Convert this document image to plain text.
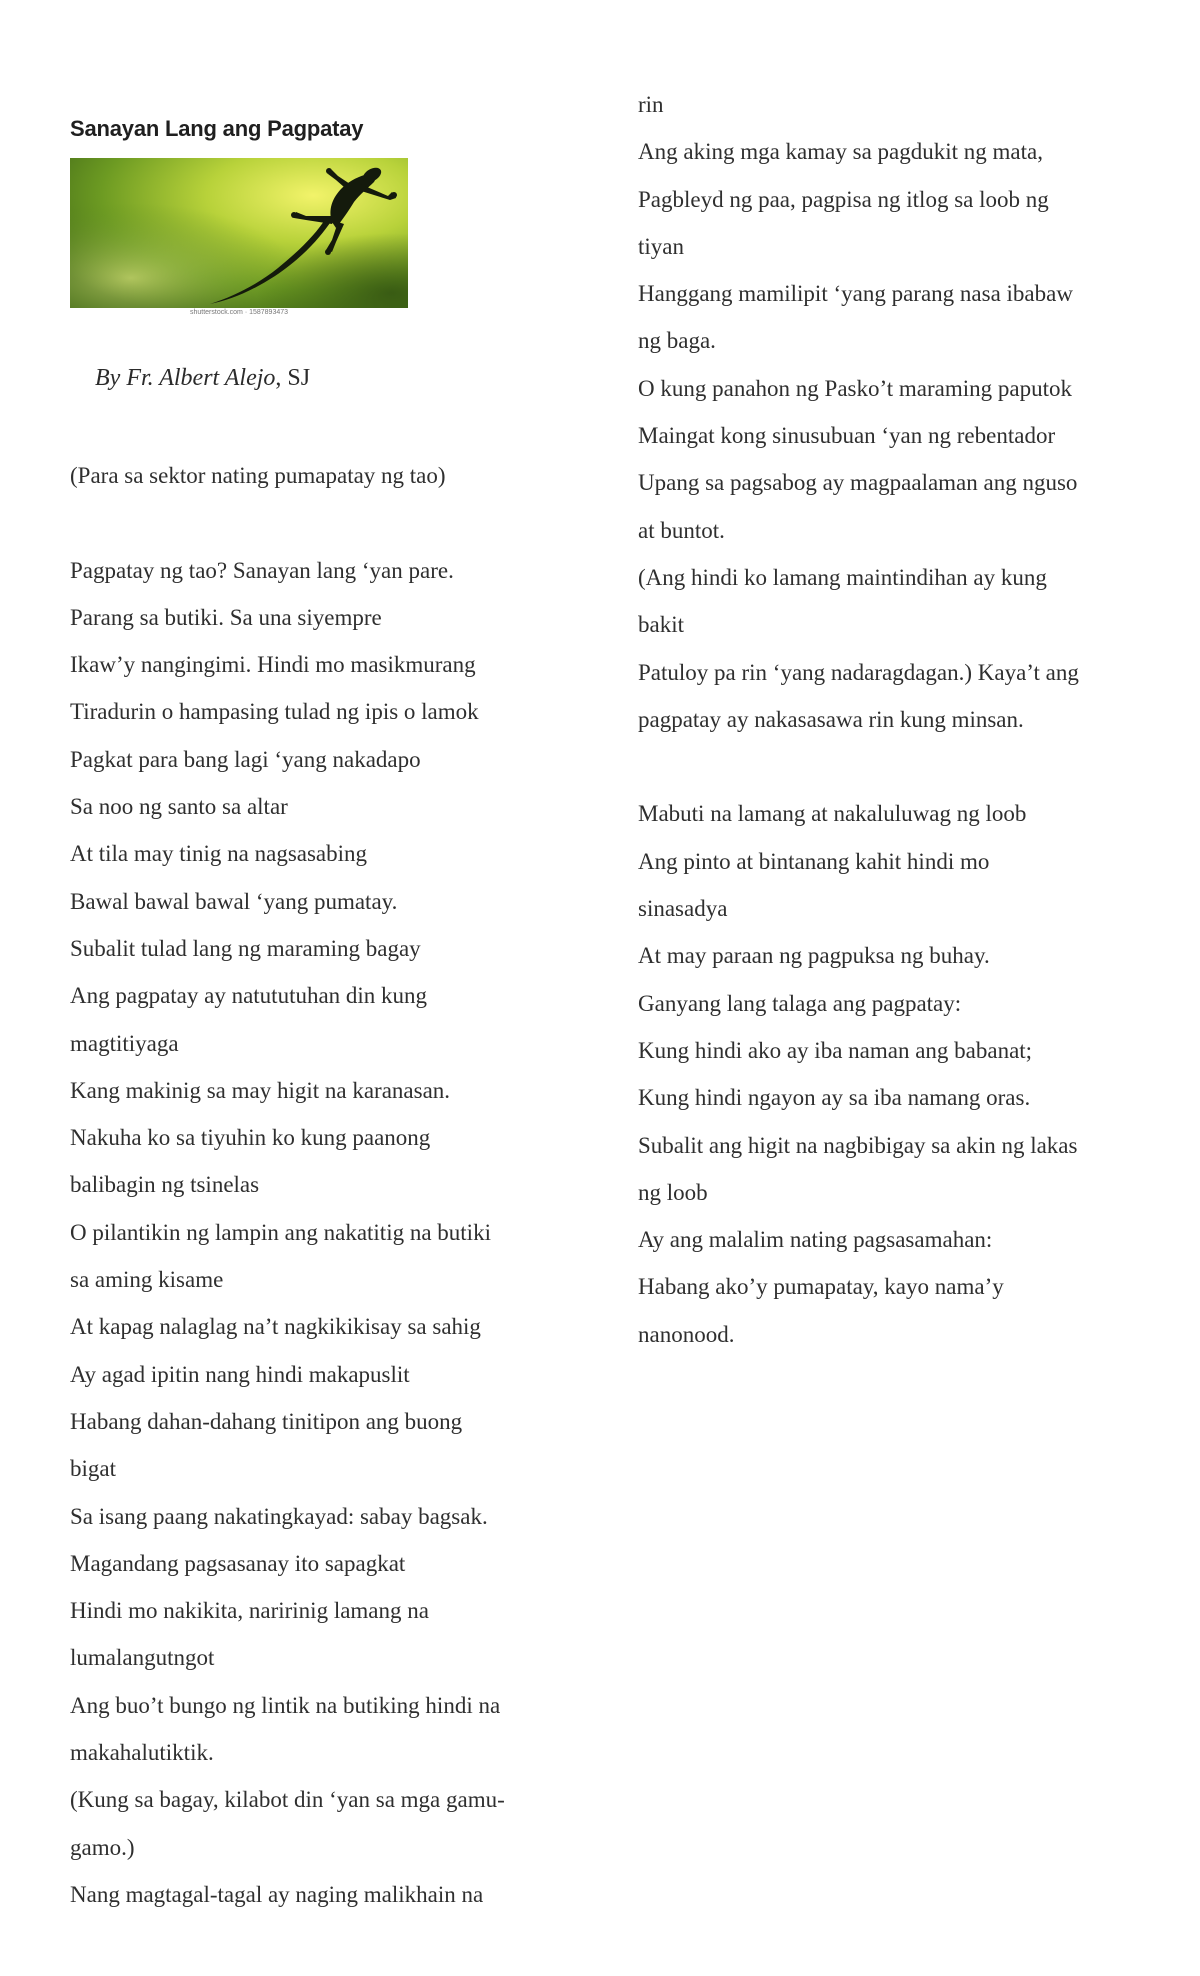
Sanayan Lang ang Pagpatay
shutterstock.com · 1587893473
By Fr. Albert Alejo, SJ
(Para sa sektor nating pumapatay ng tao)
Pagpatay ng tao? Sanayan lang ‘yan pare.
Parang sa butiki. Sa una siyempre
Ikaw’y nangingimi. Hindi mo masikmurang
Tiradurin o hampasing tulad ng ipis o lamok
Pagkat para bang lagi ‘yang nakadapo
Sa noo ng santo sa altar
At tila may tinig na nagsasabing
Bawal bawal bawal ‘yang pumatay.
Subalit tulad lang ng maraming bagay
Ang pagpatay ay natututuhan din kung
magtitiyaga
Kang makinig sa may higit na karanasan.
Nakuha ko sa tiyuhin ko kung paanong
balibagin ng tsinelas
O pilantikin ng lampin ang nakatitig na butiki
sa aming kisame
At kapag nalaglag na’t nagkikikisay sa sahig
Ay agad ipitin nang hindi makapuslit
Habang dahan-dahang tinitipon ang buong
bigat
Sa isang paang nakatingkayad: sabay bagsak.
Magandang pagsasanay ito sapagkat
Hindi mo nakikita, naririnig lamang na
lumalangutngot
Ang buo’t bungo ng lintik na butiking hindi na
makahalutiktik.
(Kung sa bagay, kilabot din ‘yan sa mga gamu-
gamo.)
Nang magtagal-tagal ay naging malikhain na
rin
Ang aking mga kamay sa pagdukit ng mata,
Pagbleyd ng paa, pagpisa ng itlog sa loob ng
tiyan
Hanggang mamilipit ‘yang parang nasa ibabaw
ng baga.
O kung panahon ng Pasko’t maraming paputok
Maingat kong sinusubuan ‘yan ng rebentador
Upang sa pagsabog ay magpaalaman ang nguso
at buntot.
(Ang hindi ko lamang maintindihan ay kung
bakit
Patuloy pa rin ‘yang nadaragdagan.) Kaya’t ang
pagpatay ay nakasasawa rin kung minsan.
Mabuti na lamang at nakaluluwag ng loob
Ang pinto at bintanang kahit hindi mo
sinasadya
At may paraan ng pagpuksa ng buhay.
Ganyang lang talaga ang pagpatay:
Kung hindi ako ay iba naman ang babanat;
Kung hindi ngayon ay sa iba namang oras.
Subalit ang higit na nagbibigay sa akin ng lakas
ng loob
Ay ang malalim nating pagsasamahan:
Habang ako’y pumapatay, kayo nama’y
nanonood.
